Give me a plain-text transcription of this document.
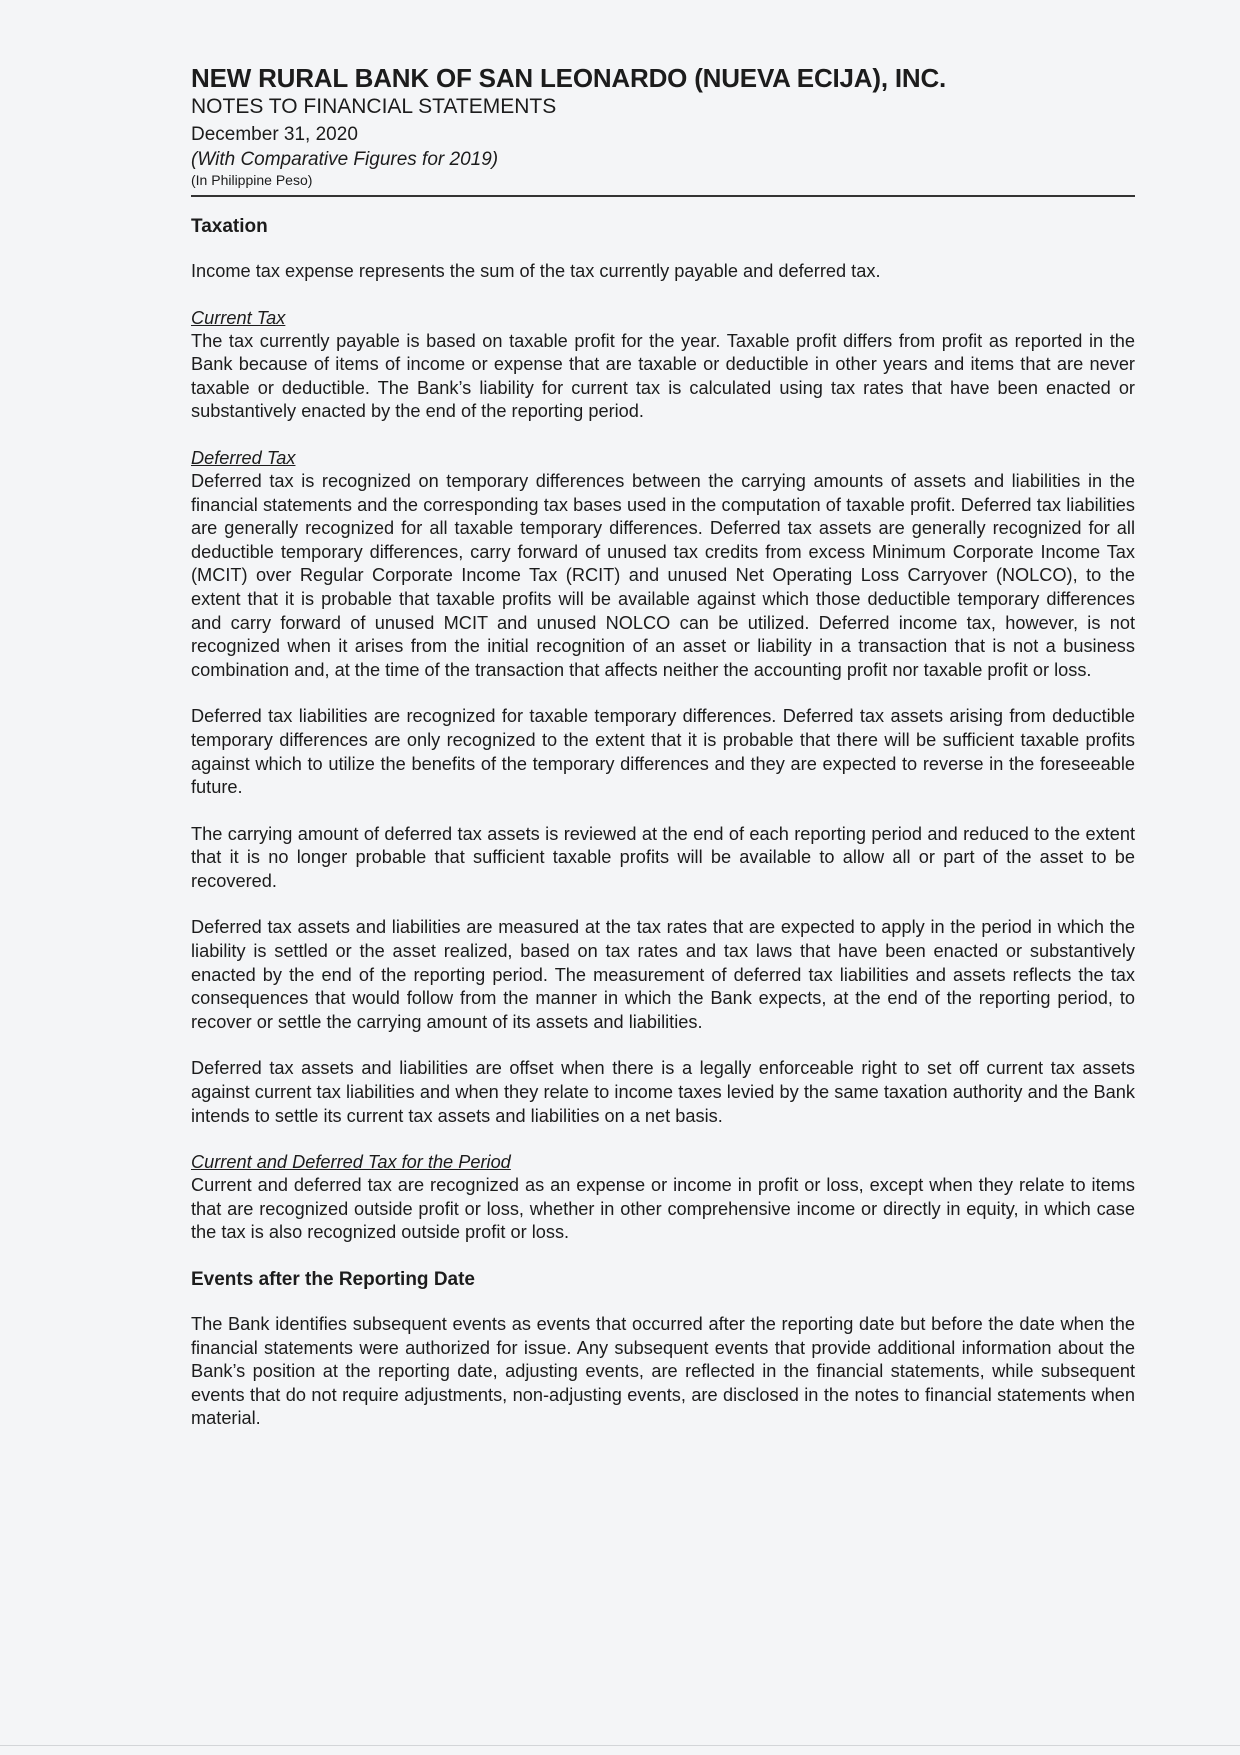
NEW RURAL BANK OF SAN LEONARDO (NUEVA ECIJA), INC.
NOTES TO FINANCIAL STATEMENTS
December 31, 2020
(With Comparative Figures for 2019)
(In Philippine Peso)
Taxation

Income tax expense represents the sum of the tax currently payable and deferred tax.

Current Tax

The tax currently payable is based on taxable profit for the year. Taxable profit differs from profit as reported in the Bank because of items of income or expense that are taxable or deductible in other years and items that are never taxable or deductible. The Bank’s liability for current tax is calculated using tax rates that have been enacted or substantively enacted by the end of the reporting period.

Deferred Tax

Deferred tax is recognized on temporary differences between the carrying amounts of assets and liabilities in the financial statements and the corresponding tax bases used in the computation of taxable profit. Deferred tax liabilities are generally recognized for all taxable temporary differences. Deferred tax assets are generally recognized for all deductible temporary differences, carry forward of unused tax credits from excess Minimum Corporate Income Tax (MCIT) over Regular Corporate Income Tax (RCIT) and unused Net Operating Loss Carryover (NOLCO), to the extent that it is probable that taxable profits will be available against which those deductible temporary differences and carry forward of unused MCIT and unused NOLCO can be utilized. Deferred income tax, however, is not recognized when it arises from the initial recognition of an asset or liability in a transaction that is not a business combination and, at the time of the transaction that affects neither the accounting profit nor taxable profit or loss.

Deferred tax liabilities are recognized for taxable temporary differences. Deferred tax assets arising from deductible temporary differences are only recognized to the extent that it is probable that there will be sufficient taxable profits against which to utilize the benefits of the temporary differences and they are expected to reverse in the foreseeable future.

The carrying amount of deferred tax assets is reviewed at the end of each reporting period and reduced to the extent that it is no longer probable that sufficient taxable profits will be available to allow all or part of the asset to be recovered.

Deferred tax assets and liabilities are measured at the tax rates that are expected to apply in the period in which the liability is settled or the asset realized, based on tax rates and tax laws that have been enacted or substantively enacted by the end of the reporting period. The measurement of deferred tax liabilities and assets reflects the tax consequences that would follow from the manner in which the Bank expects, at the end of the reporting period, to recover or settle the carrying amount of its assets and liabilities.

Deferred tax assets and liabilities are offset when there is a legally enforceable right to set off current tax assets against current tax liabilities and when they relate to income taxes levied by the same taxation authority and the Bank intends to settle its current tax assets and liabilities on a net basis.

Current and Deferred Tax for the Period

Current and deferred tax are recognized as an expense or income in profit or loss, except when they relate to items that are recognized outside profit or loss, whether in other comprehensive income or directly in equity, in which case the tax is also recognized outside profit or loss.

Events after the Reporting Date

The Bank identifies subsequent events as events that occurred after the reporting date but before the date when the financial statements were authorized for issue. Any subsequent events that provide additional information about the Bank’s position at the reporting date, adjusting events, are reflected in the financial statements, while subsequent events that do not require adjustments, non-adjusting events, are disclosed in the notes to financial statements when material.
